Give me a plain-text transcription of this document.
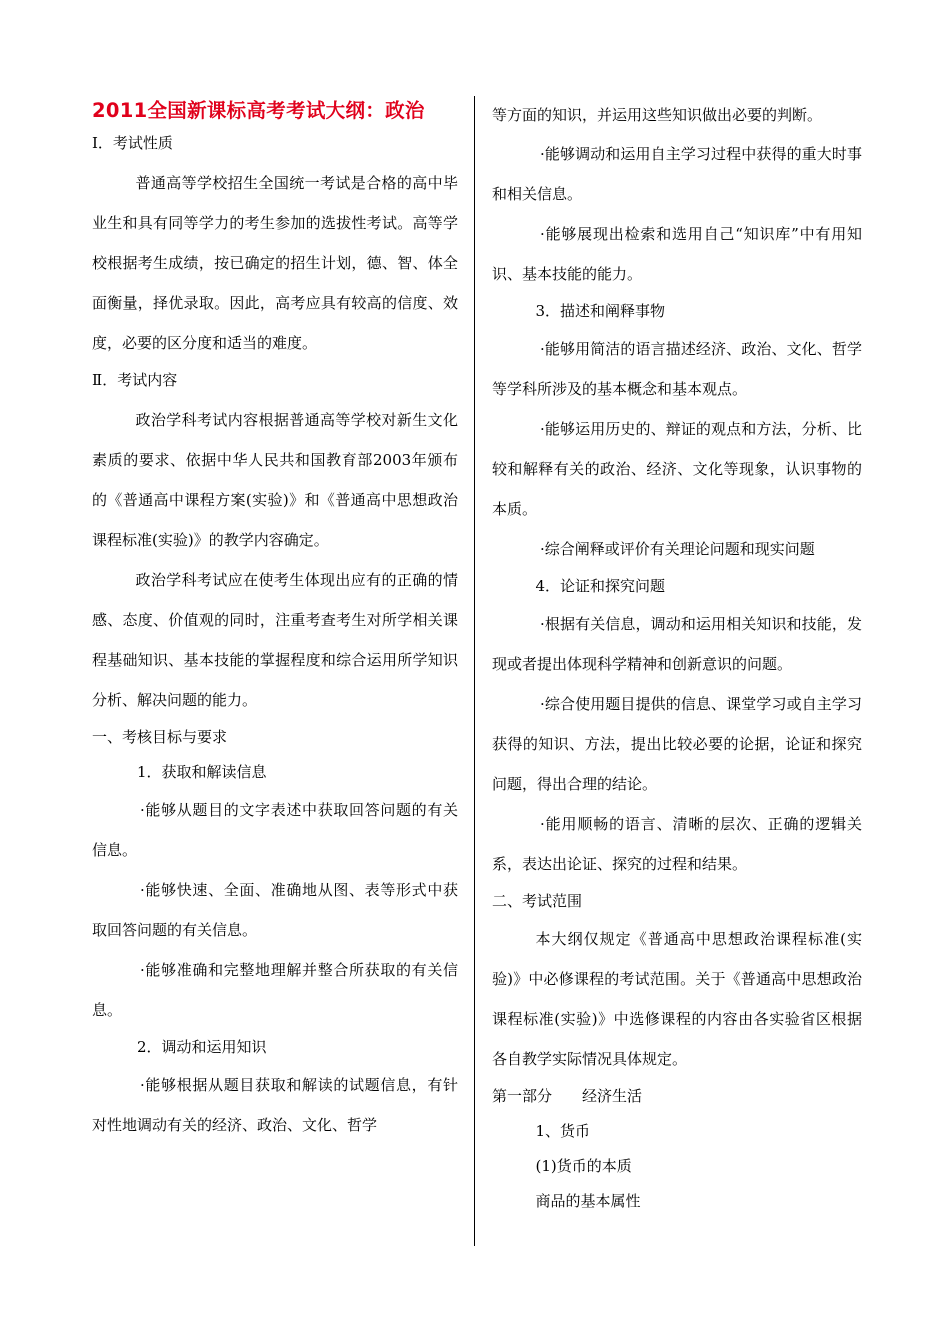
2011全国新课标高考考试大纲：政治
Ⅰ．考试性质

普通高等学校招生全国统一考试是合格的高中毕业生和具有同等学力的考生参加的选拔性考试。高等学校根据考生成绩，按已确定的招生计划，德、智、体全面衡量，择优录取。因此，高考应具有较高的信度、效度，必要的区分度和适当的难度。

Ⅱ．考试内容

政治学科考试内容根据普通高等学校对新生文化素质的要求、依据中华人民共和国教育部2003年颁布的《普通高中课程方案(实验)》和《普通高中思想政治课程标准(实验)》的教学内容确定。

政治学科考试应在使考生体现出应有的正确的情感、态度、价值观的同时，注重考查考生对所学相关课程基础知识、基本技能的掌握程度和综合运用所学知识分析、解决问题的能力。

一、考核目标与要求
1．获取和解读信息

·能够从题目的文字表述中获取回答问题的有关信息。

·能够快速、全面、准确地从图、表等形式中获取回答问题的有关信息。

·能够准确和完整地理解并整合所获取的有关信息。

2．调动和运用知识

·能够根据从题目获取和解读的试题信息，有针对性地调动有关的经济、政治、文化、哲学

等方面的知识，并运用这些知识做出必要的判断。

·能够调动和运用自主学习过程中获得的重大时事和相关信息。

·能够展现出检索和选用自己“知识库”中有用知识、基本技能的能力。

3．描述和阐释事物

·能够用简洁的语言描述经济、政治、文化、哲学等学科所涉及的基本概念和基本观点。

·能够运用历史的、辩证的观点和方法，分析、比较和解释有关的政治、经济、文化等现象，认识事物的本质。

·综合阐释或评价有关理论问题和现实问题

4．论证和探究问题

·根据有关信息，调动和运用相关知识和技能，发现或者提出体现科学精神和创新意识的问题。

·综合使用题目提供的信息、课堂学习或自主学习获得的知识、方法，提出比较必要的论据，论证和探究问题，得出合理的结论。

·能用顺畅的语言、清晰的层次、正确的逻辑关系，表达出论证、探究的过程和结果。

二、考试范围

本大纲仅规定《普通高中思想政治课程标准(实验)》中必修课程的考试范围。关于《普通高中思想政治课程标准(实验)》中选修课程的内容由各实验省区根据各自教学实际情况具体规定。

第一部分　　经济生活
1、货币
(1)货币的本质
商品的基本属性
